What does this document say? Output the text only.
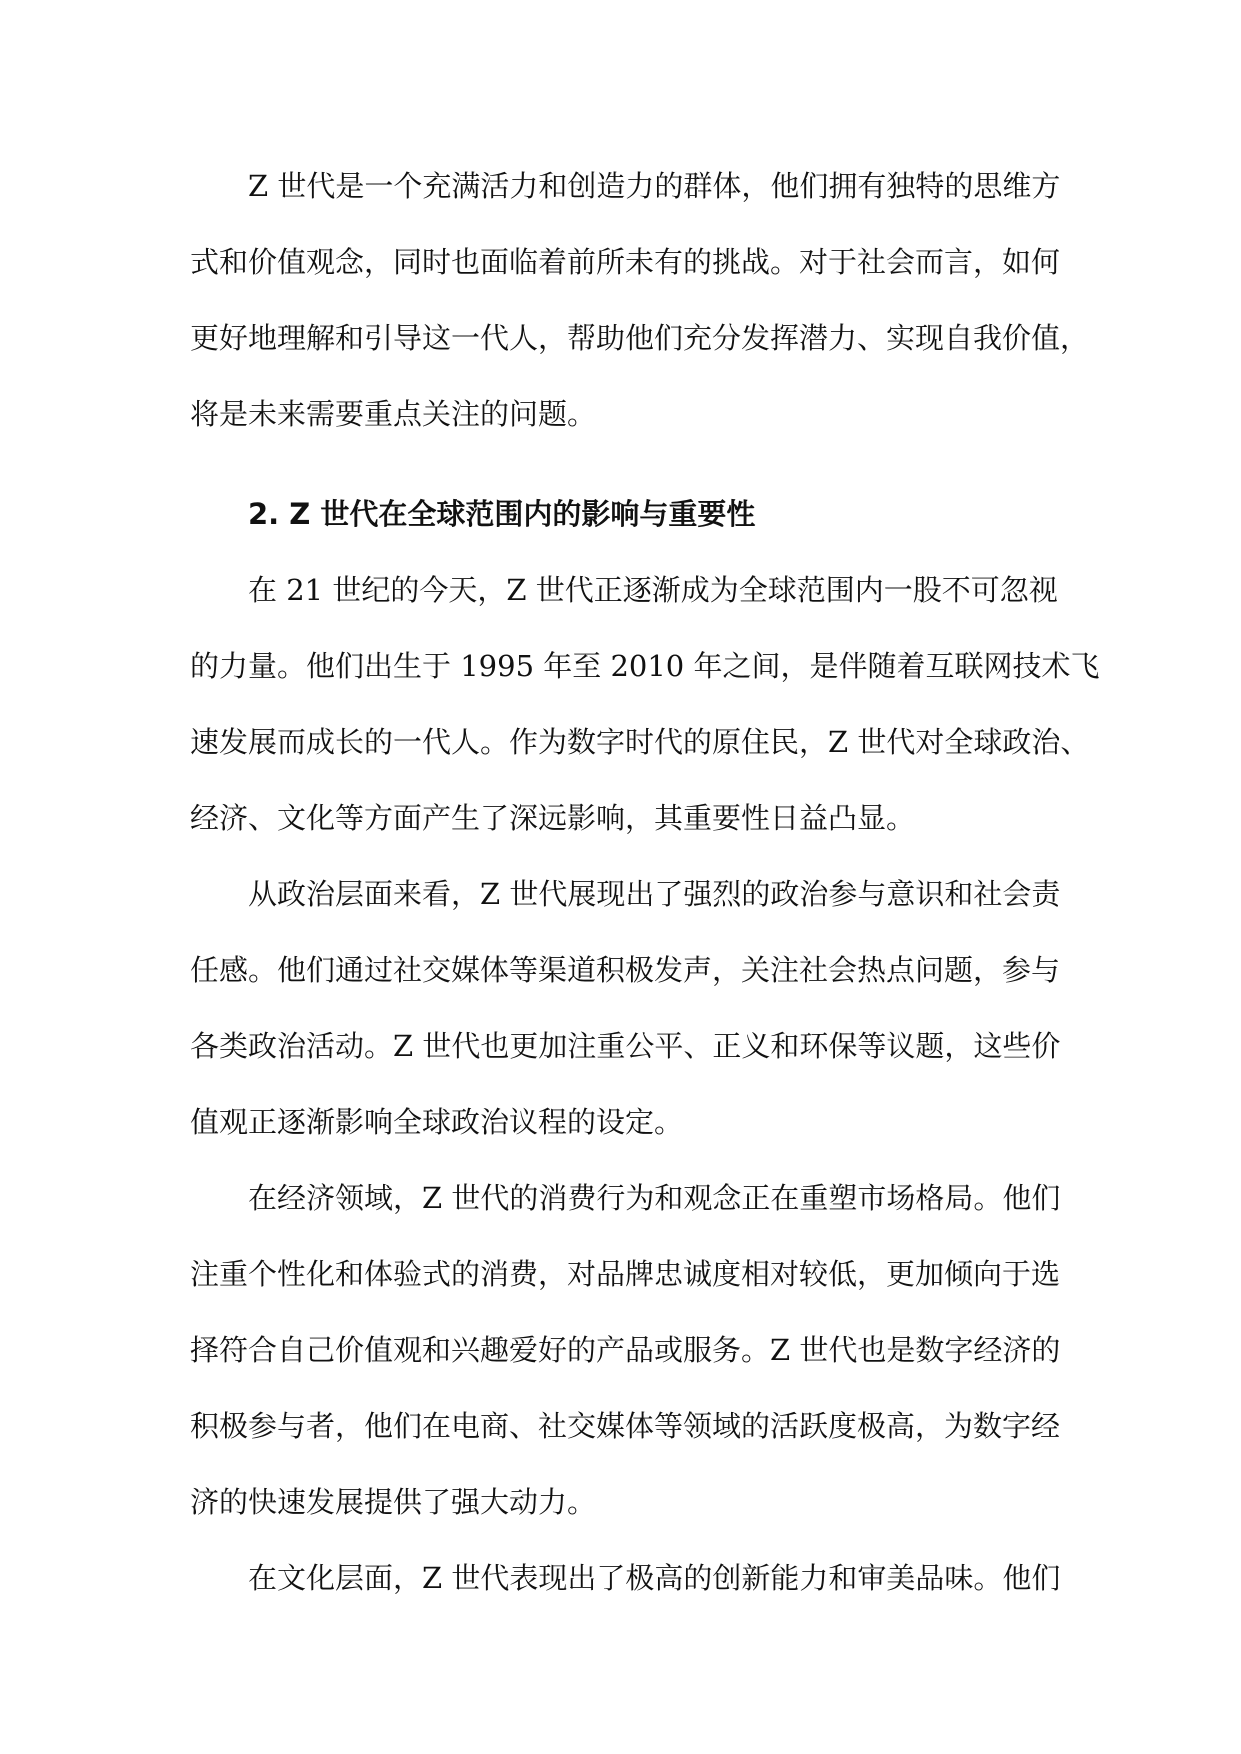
Z 世代是一个充满活力和创造力的群体，他们拥有独特的思维方
式和价值观念，同时也面临着前所未有的挑战。对于社会而言，如何
更好地理解和引导这一代人，帮助他们充分发挥潜力、实现自我价值，
将是未来需要重点关注的问题。
2. Z 世代在全球范围内的影响与重要性
在 21 世纪的今天，Z 世代正逐渐成为全球范围内一股不可忽视
的力量。他们出生于 1995 年至 2010 年之间，是伴随着互联网技术飞
速发展而成长的一代人。作为数字时代的原住民，Z 世代对全球政治、
经济、文化等方面产生了深远影响，其重要性日益凸显。
从政治层面来看，Z 世代展现出了强烈的政治参与意识和社会责
任感。他们通过社交媒体等渠道积极发声，关注社会热点问题，参与
各类政治活动。Z 世代也更加注重公平、正义和环保等议题，这些价
值观正逐渐影响全球政治议程的设定。
在经济领域，Z 世代的消费行为和观念正在重塑市场格局。他们
注重个性化和体验式的消费，对品牌忠诚度相对较低，更加倾向于选
择符合自己价值观和兴趣爱好的产品或服务。Z 世代也是数字经济的
积极参与者，他们在电商、社交媒体等领域的活跃度极高，为数字经
济的快速发展提供了强大动力。
在文化层面，Z 世代表现出了极高的创新能力和审美品味。他们
